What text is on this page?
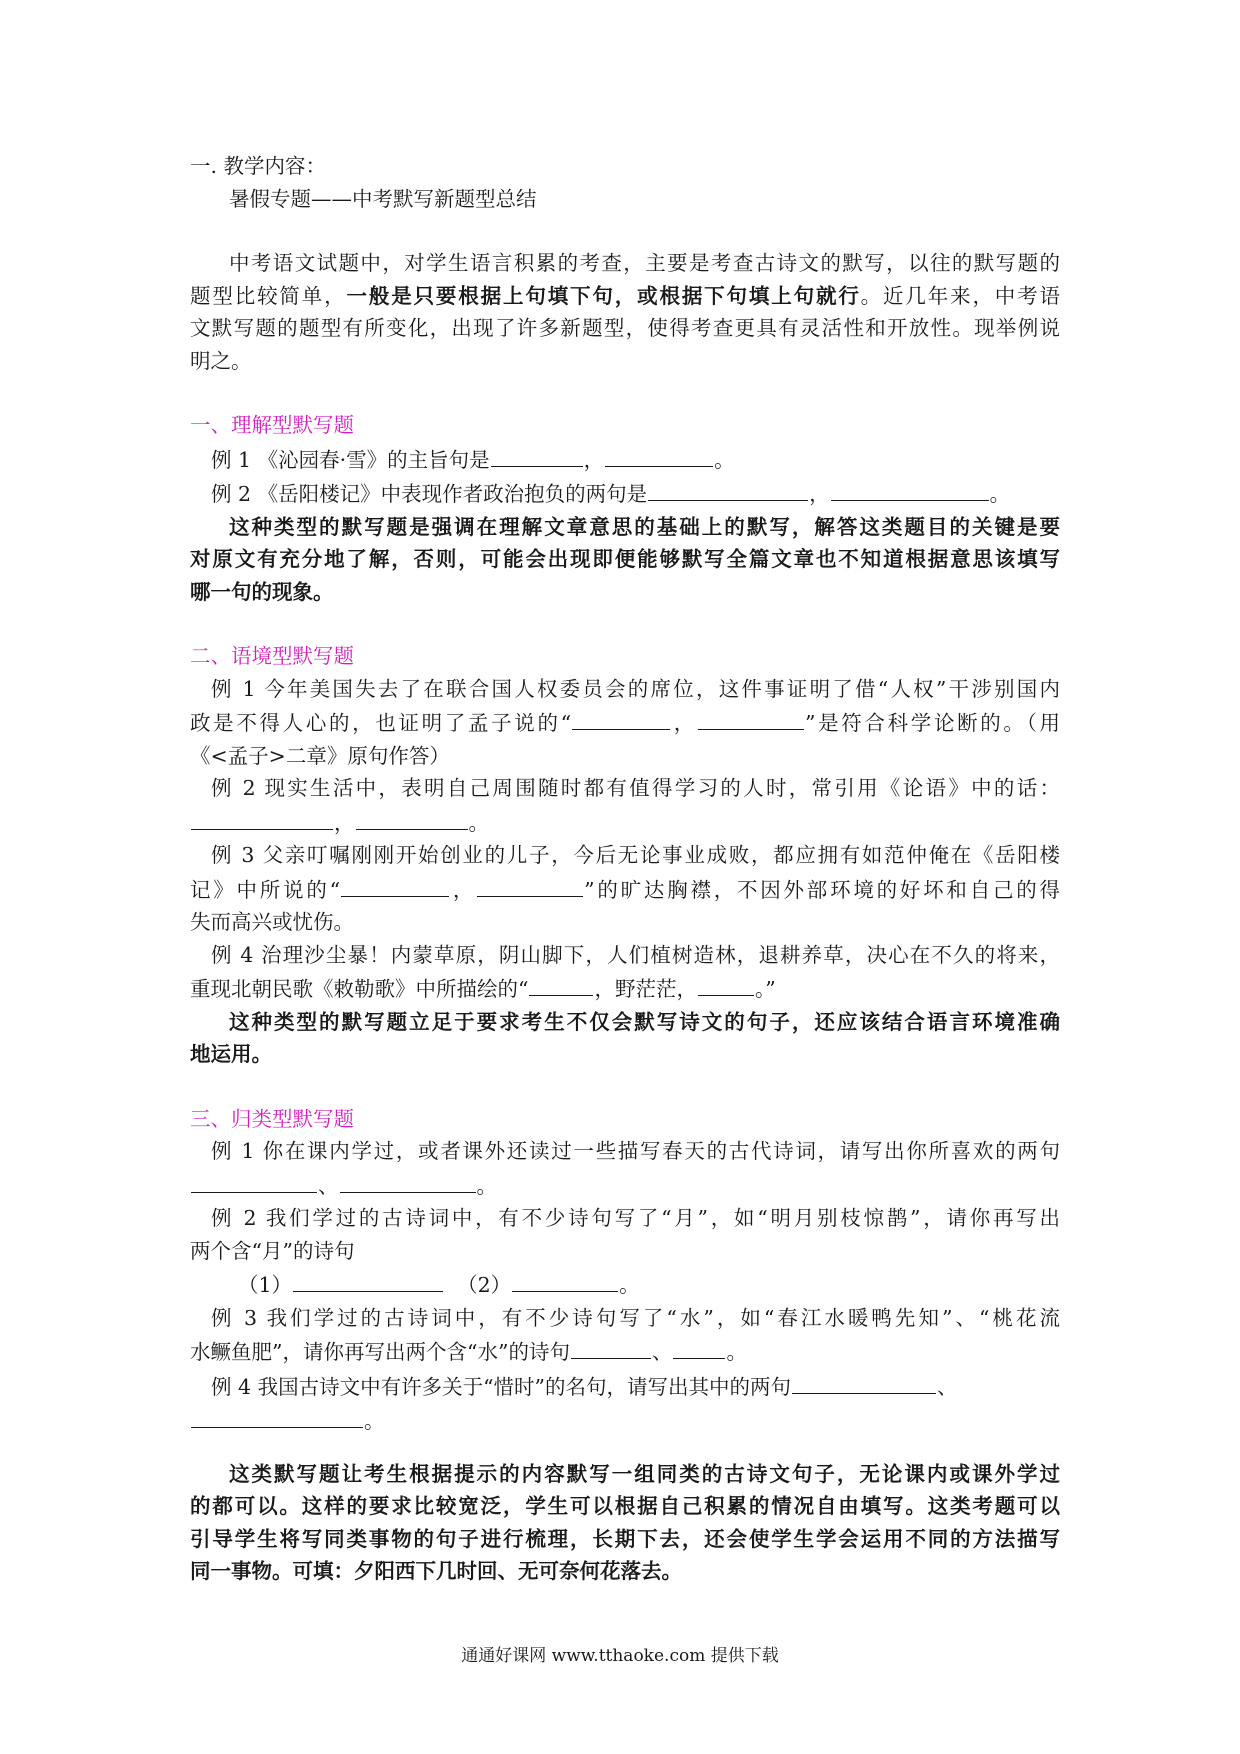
一. 教学内容：
暑假专题——中考默写新题型总结
中考语文试题中，对学生语言积累的考查，主要是考查古诗文的默写，以往的默写题的
题型比较简单，一般是只要根据上句填下句，或根据下句填上句就行。近几年来，中考语
文默写题的题型有所变化，出现了许多新题型，使得考查更具有灵活性和开放性。现举例说
明之。
一、理解型默写题
例 1 《沁园春·雪》的主旨句是	，	。
例 2 《岳阳楼记》中表现作者政治抱负的两句是	，	。
这种类型的默写题是强调在理解文章意思的基础上的默写，解答这类题目的关键是要
对原文有充分地了解，否则，可能会出现即便能够默写全篇文章也不知道根据意思该填写
哪一句的现象。
二、语境型默写题
例 1 今年美国失去了在联合国人权委员会的席位，这件事证明了借“人权”干涉别国内
政是不得人心的，也证明了孟子说的“	，	”是符合科学论断的。（用
《<孟子>二章》原句作答）
例 2 现实生活中，表明自己周围随时都有值得学习的人时，常引用《论语》中的话：
，	。
例 3 父亲叮嘱刚刚开始创业的儿子，今后无论事业成败，都应拥有如范仲俺在《岳阳楼
记》中所说的“	，	”的旷达胸襟，不因外部环境的好坏和自己的得
失而高兴或忧伤。
例 4 治理沙尘暴！内蒙草原，阴山脚下，人们植树造林，退耕养草，决心在不久的将来，
重现北朝民歌《敕勒歌》中所描绘的“	，野茫茫，	。”
这种类型的默写题立足于要求考生不仅会默写诗文的句子，还应该结合语言环境准确
地运用。
三、归类型默写题
例 1 你在课内学过，或者课外还读过一些描写春天的古代诗词，请写出你所喜欢的两句
、	。
例 2 我们学过的古诗词中，有不少诗句写了“月”，如“明月别枝惊鹊”，请你再写出
两个含“月”的诗句
（1）	（2）	。
例 3 我们学过的古诗词中，有不少诗句写了“水”，如“春江水暖鸭先知”、“桃花流
水鳜鱼肥”，请你再写出两个含“水”的诗句	、	。
例 4 我国古诗文中有许多关于“惜时”的名句，请写出其中的两句	、
。
这类默写题让考生根据提示的内容默写一组同类的古诗文句子，无论课内或课外学过
的都可以。这样的要求比较宽泛，学生可以根据自己积累的情况自由填写。这类考题可以
引导学生将写同类事物的句子进行梳理，长期下去，还会使学生学会运用不同的方法描写
同一事物。可填：夕阳西下几时回、无可奈何花落去。
通通好课网 www.tthaoke.com 提供下载
